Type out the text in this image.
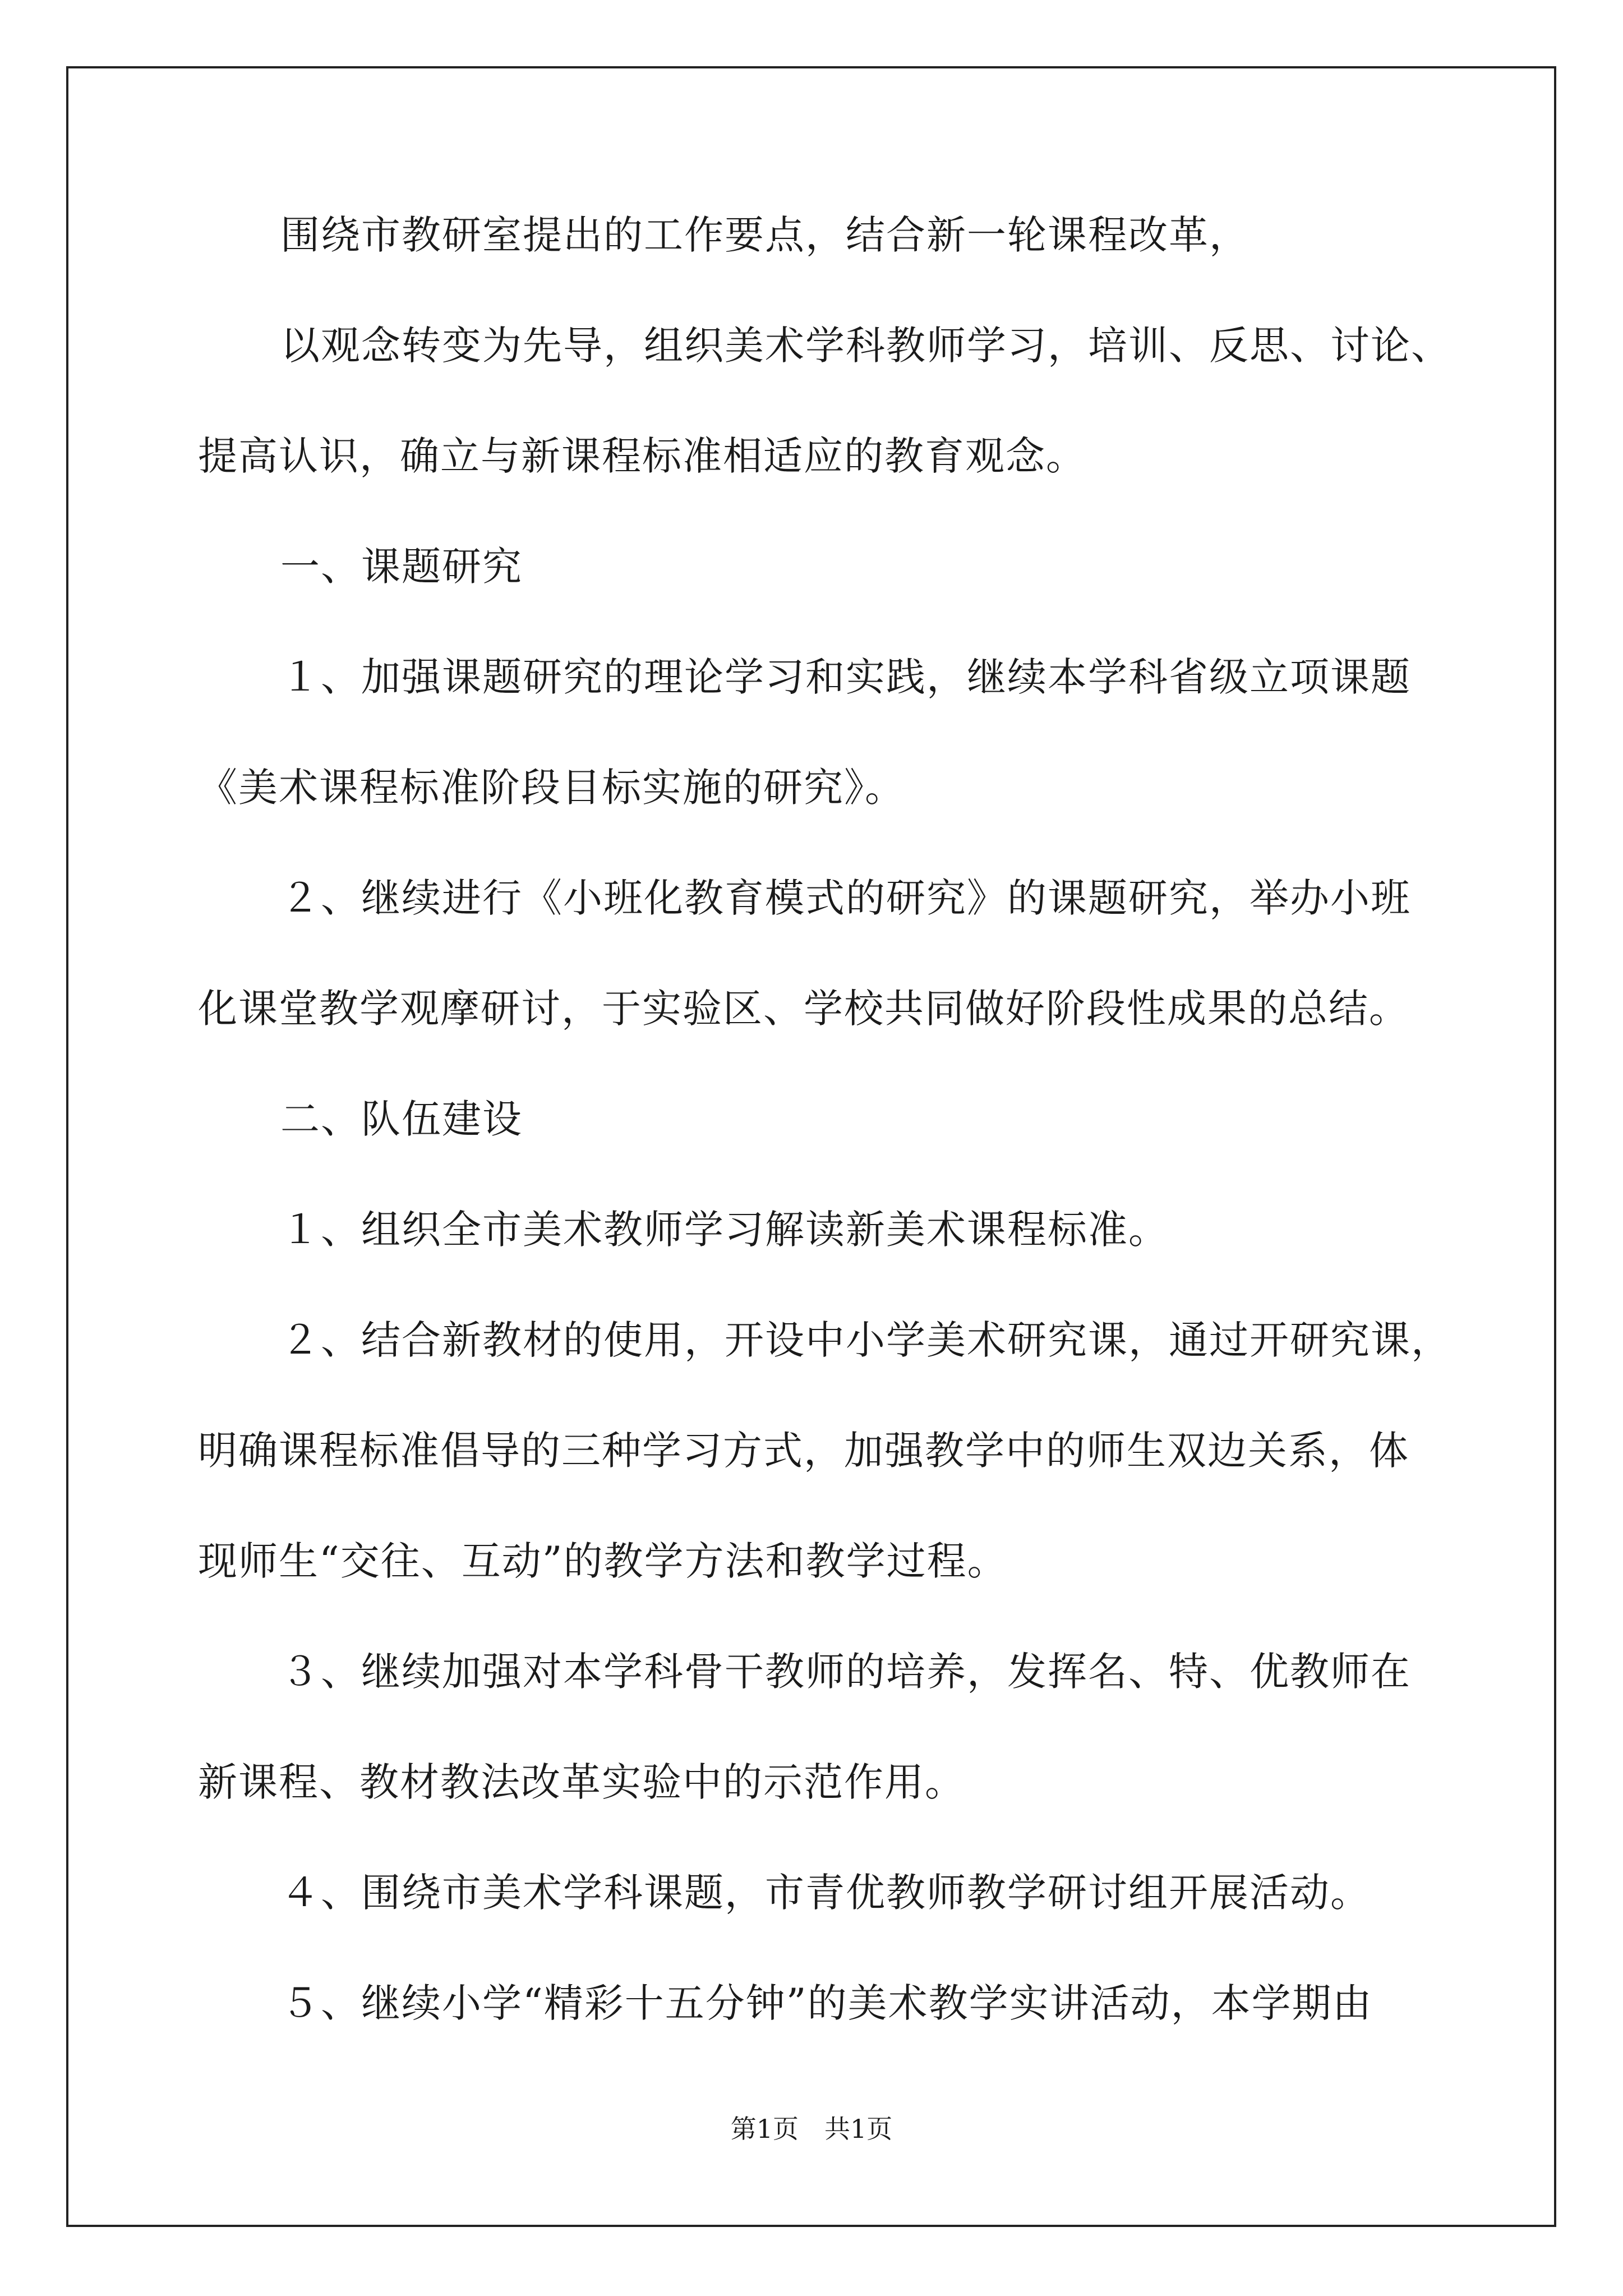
围绕市教研室提出的工作要点，结合新一轮课程改革，
以观念转变为先导，组织美术学科教师学习，培训、反思、讨论、
提高认识，确立与新课程标准相适应的教育观念。
一、课题研究
１、加强课题研究的理论学习和实践，继续本学科省级立项课题
《美术课程标准阶段目标实施的研究》。
２、继续进行《小班化教育模式的研究》的课题研究，举办小班
化课堂教学观摩研讨，于实验区、学校共同做好阶段性成果的总结。
二、队伍建设
１、组织全市美术教师学习解读新美术课程标准。
２、结合新教材的使用，开设中小学美术研究课，通过开研究课，
明确课程标准倡导的三种学习方式，加强教学中的师生双边关系，体
现师生“交往、互动”的教学方法和教学过程。
３、继续加强对本学科骨干教师的培养，发挥名、特、优教师在
新课程、教材教法改革实验中的示范作用。
４、围绕市美术学科课题，市青优教师教学研讨组开展活动。
５、继续小学“精彩十五分钟”的美术教学实讲活动，本学期由
第1页　共1页
